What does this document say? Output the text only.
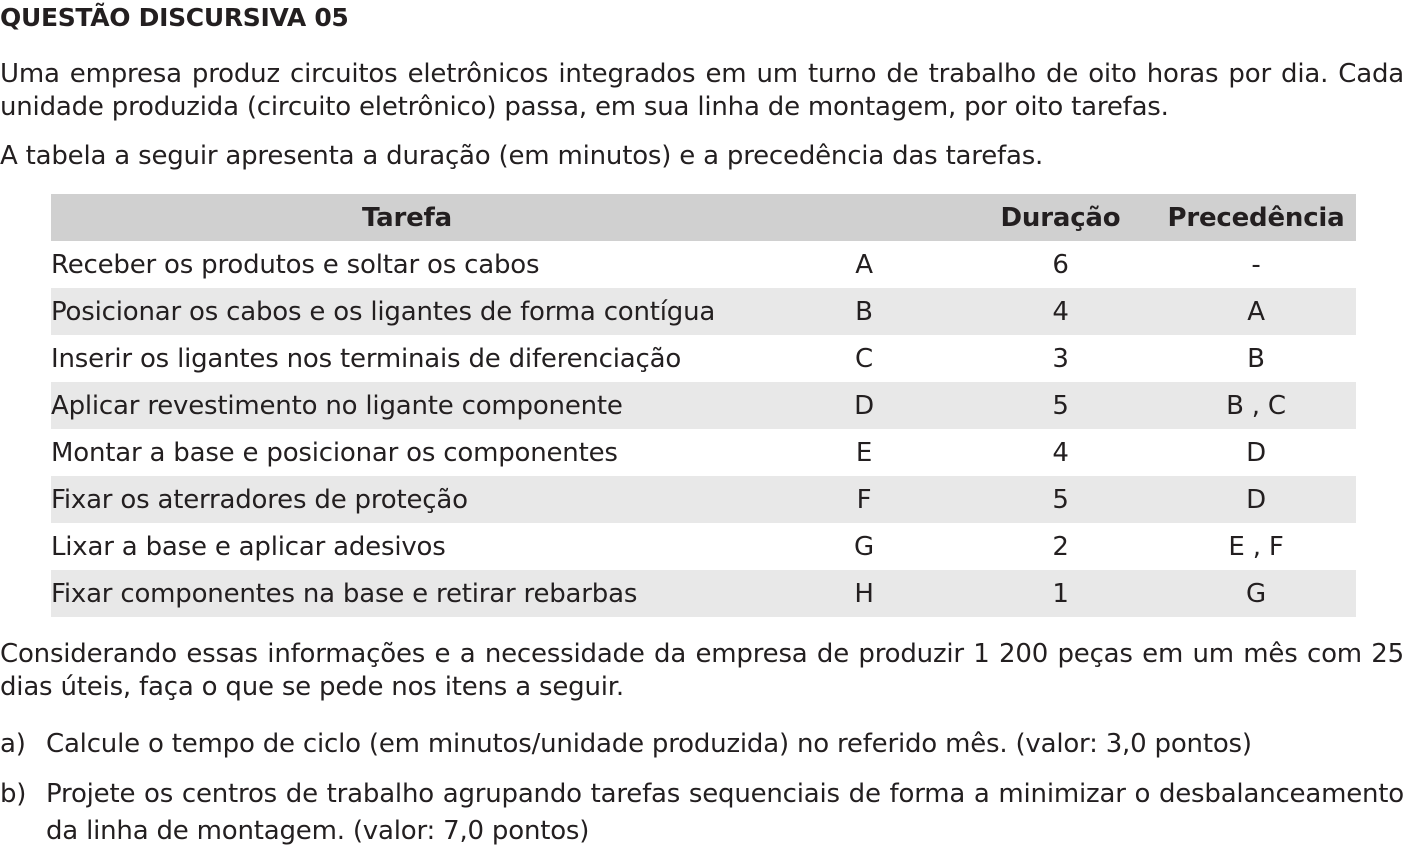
QUESTÃO DISCURSIVA 05
Uma empresa produz circuitos eletrônicos integrados em um turno de trabalho de oito horas por dia. Cada unidade produzida (circuito eletrônico) passa, em sua linha de montagem, por oito tarefas.
A tabela a seguir apresenta a duração (em minutos) e a precedência das tarefas.
Tarefa		Duração	Precedência
Receber os produtos e soltar os cabos	A	6	-
Posicionar os cabos e os ligantes de forma contígua	B	4	A
Inserir os ligantes nos terminais de diferenciação	C	3	B
Aplicar revestimento no ligante componente	D	5	B , C
Montar a base e posicionar os componentes	E	4	D
Fixar os aterradores de proteção	F	5	D
Lixar a base e aplicar adesivos	G	2	E , F
Fixar componentes na base e retirar rebarbas	H	1	G
Considerando essas informações e a necessidade da empresa de produzir 1 200 peças em um mês com 25 dias úteis, faça o que se pede nos itens a seguir.
a) Calcule o tempo de ciclo (em minutos/unidade produzida) no referido mês. (valor: 3,0 pontos)
b) Projete os centros de trabalho agrupando tarefas sequenciais de forma a minimizar o desbalanceamento da linha de montagem. (valor: 7,0 pontos)
